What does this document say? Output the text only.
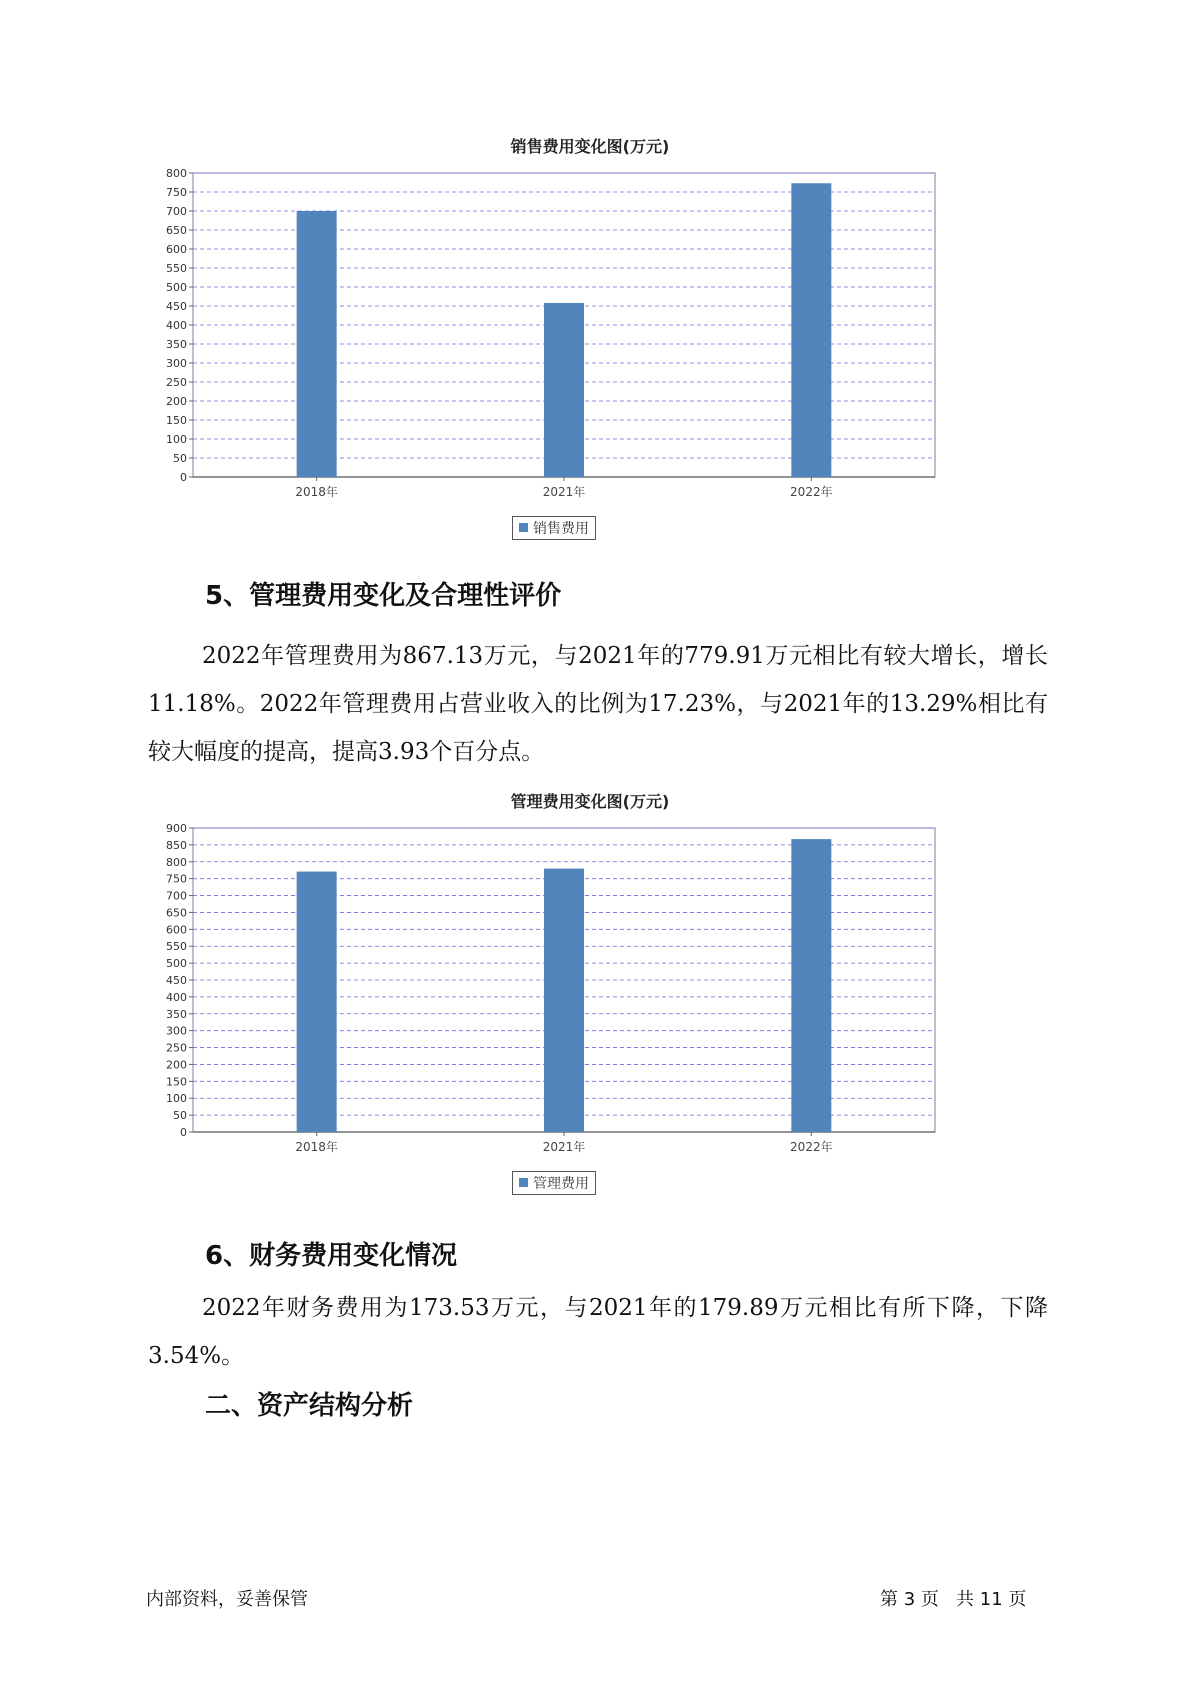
销售费用变化图(万元)
0
50
100
150
200
250
300
350
400
450
500
550
600
650
700
750
800
2018年	2021年	2022年
销售费用
5、管理费用变化及合理性评价

2022年管理费用为867.13万元，与2021年的779.91万元相比有较大增长，增长11.18%。2022年管理费用占营业收入的比例为17.23%，与2021年的13.29%相比有较大幅度的提高，提高3.93个百分点。

管理费用变化图(万元)
0
50
100
150
200
250
300
350
400
450
500
550
600
650
700
750
800
850
900
2018年	2021年	2022年
管理费用
6、财务费用变化情况

2022年财务费用为173.53万元，与2021年的179.89万元相比有所下降，下降3.54%。

二、资产结构分析
内部资料，妥善保管	第 3 页   共 11 页
